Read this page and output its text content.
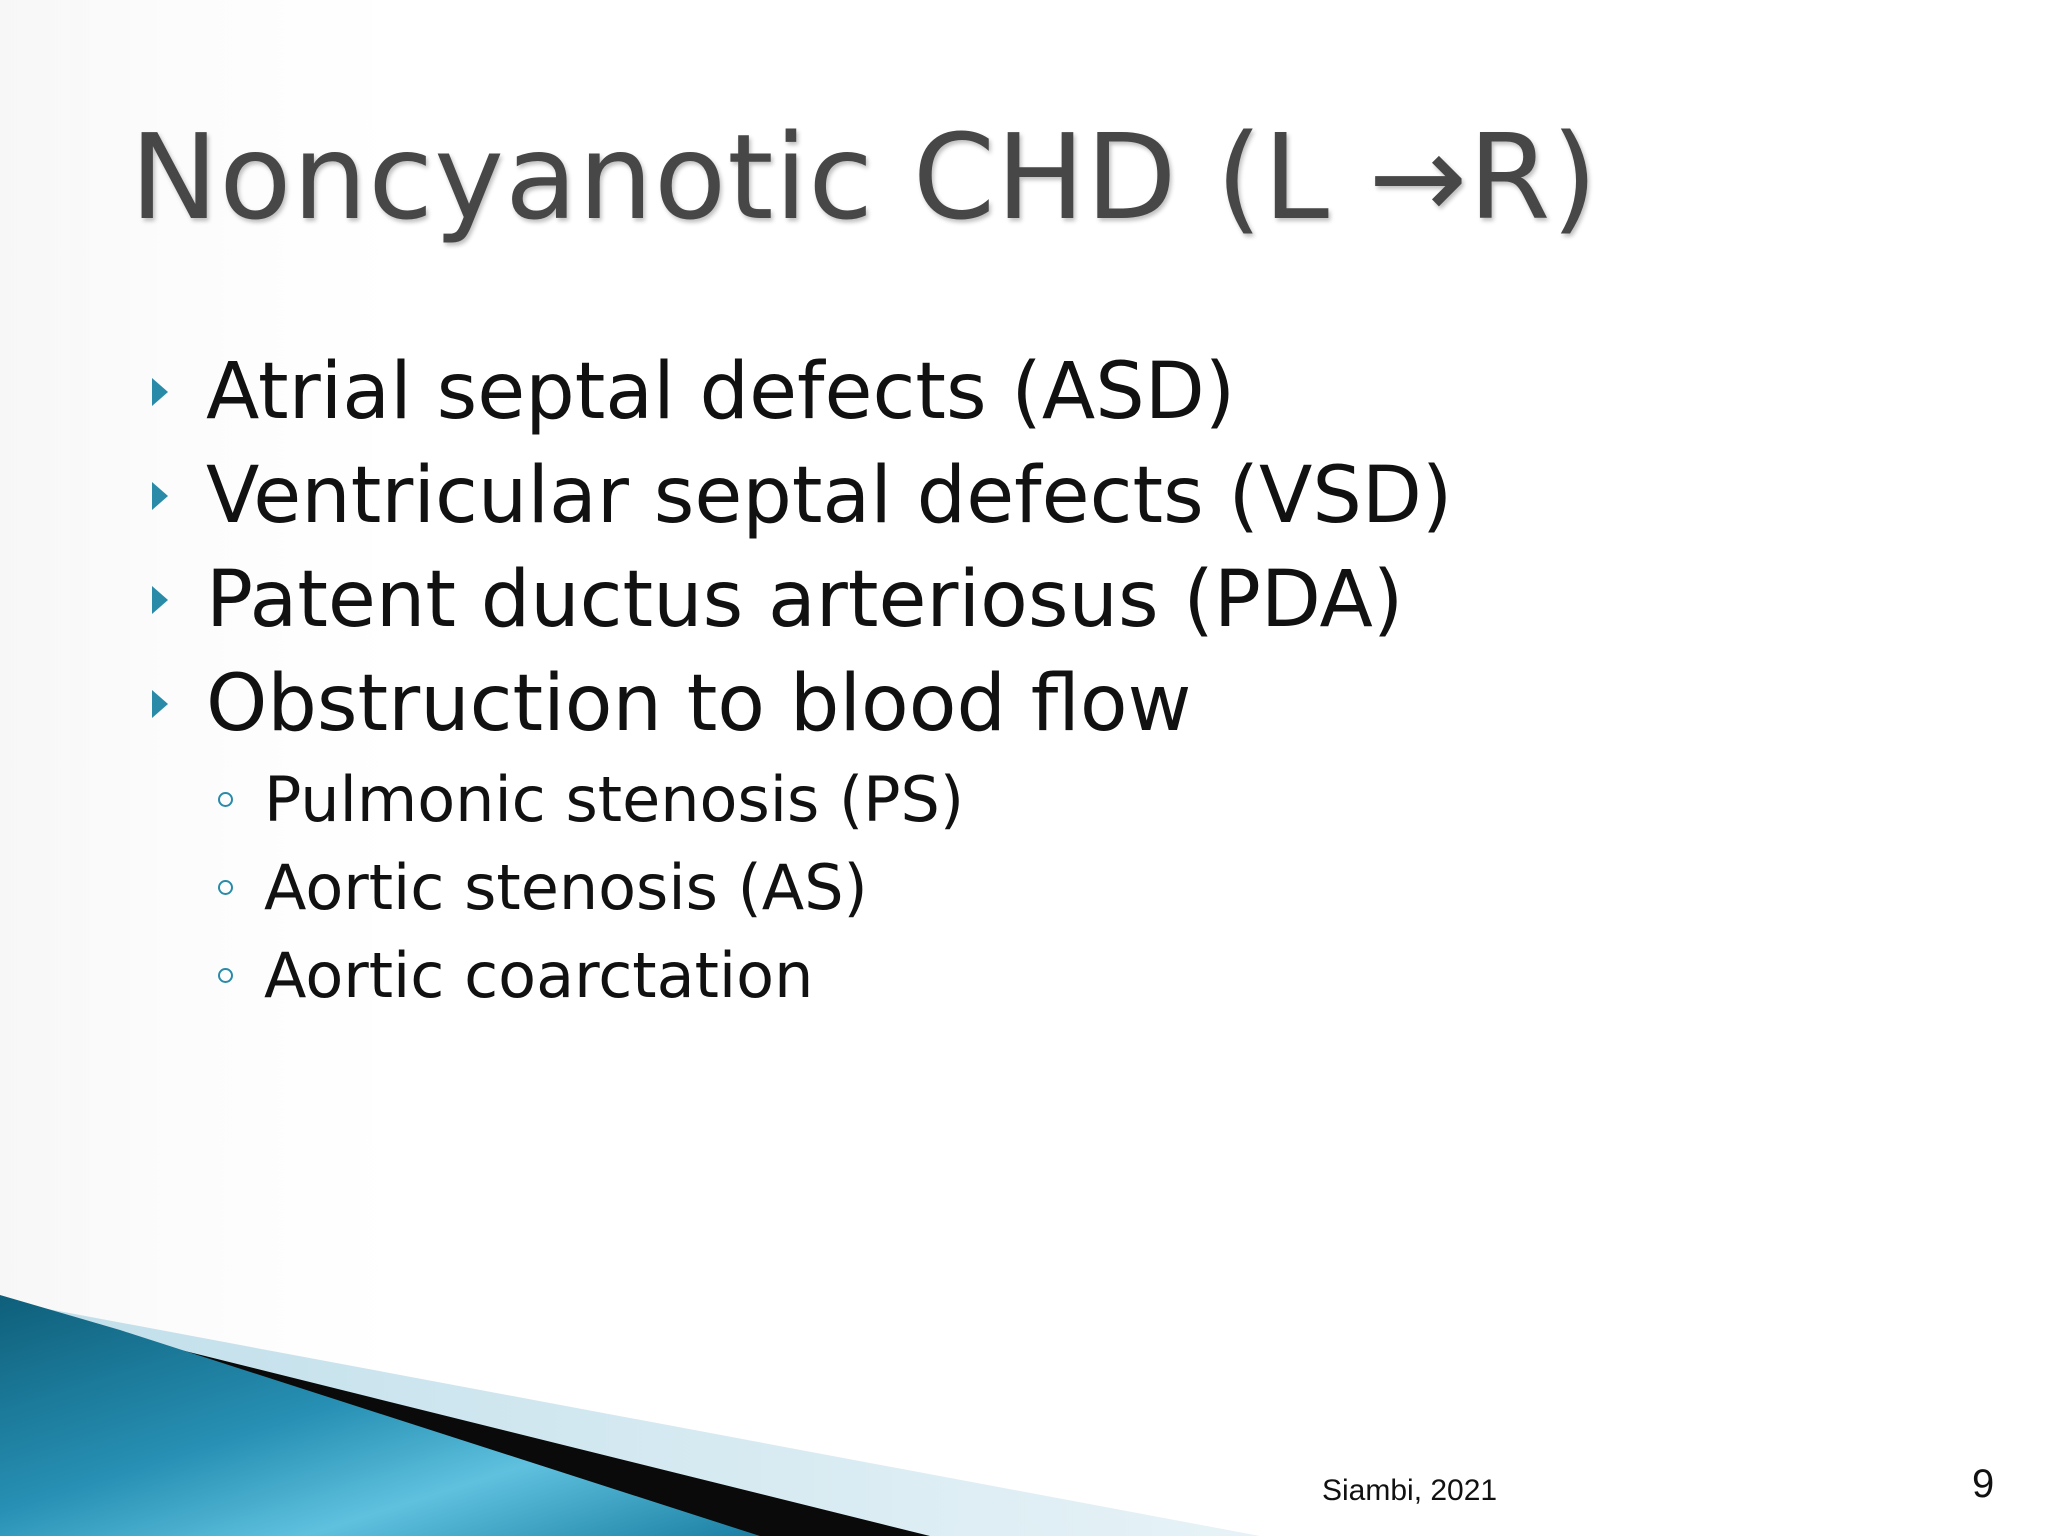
Noncyanotic CHD (L →R)
Atrial septal defects (ASD)
Ventricular septal defects (VSD)
Patent ductus arteriosus (PDA)
Obstruction to blood flow
Pulmonic stenosis (PS)
Aortic stenosis (AS)
Aortic coarctation
Siambi, 2021	9
